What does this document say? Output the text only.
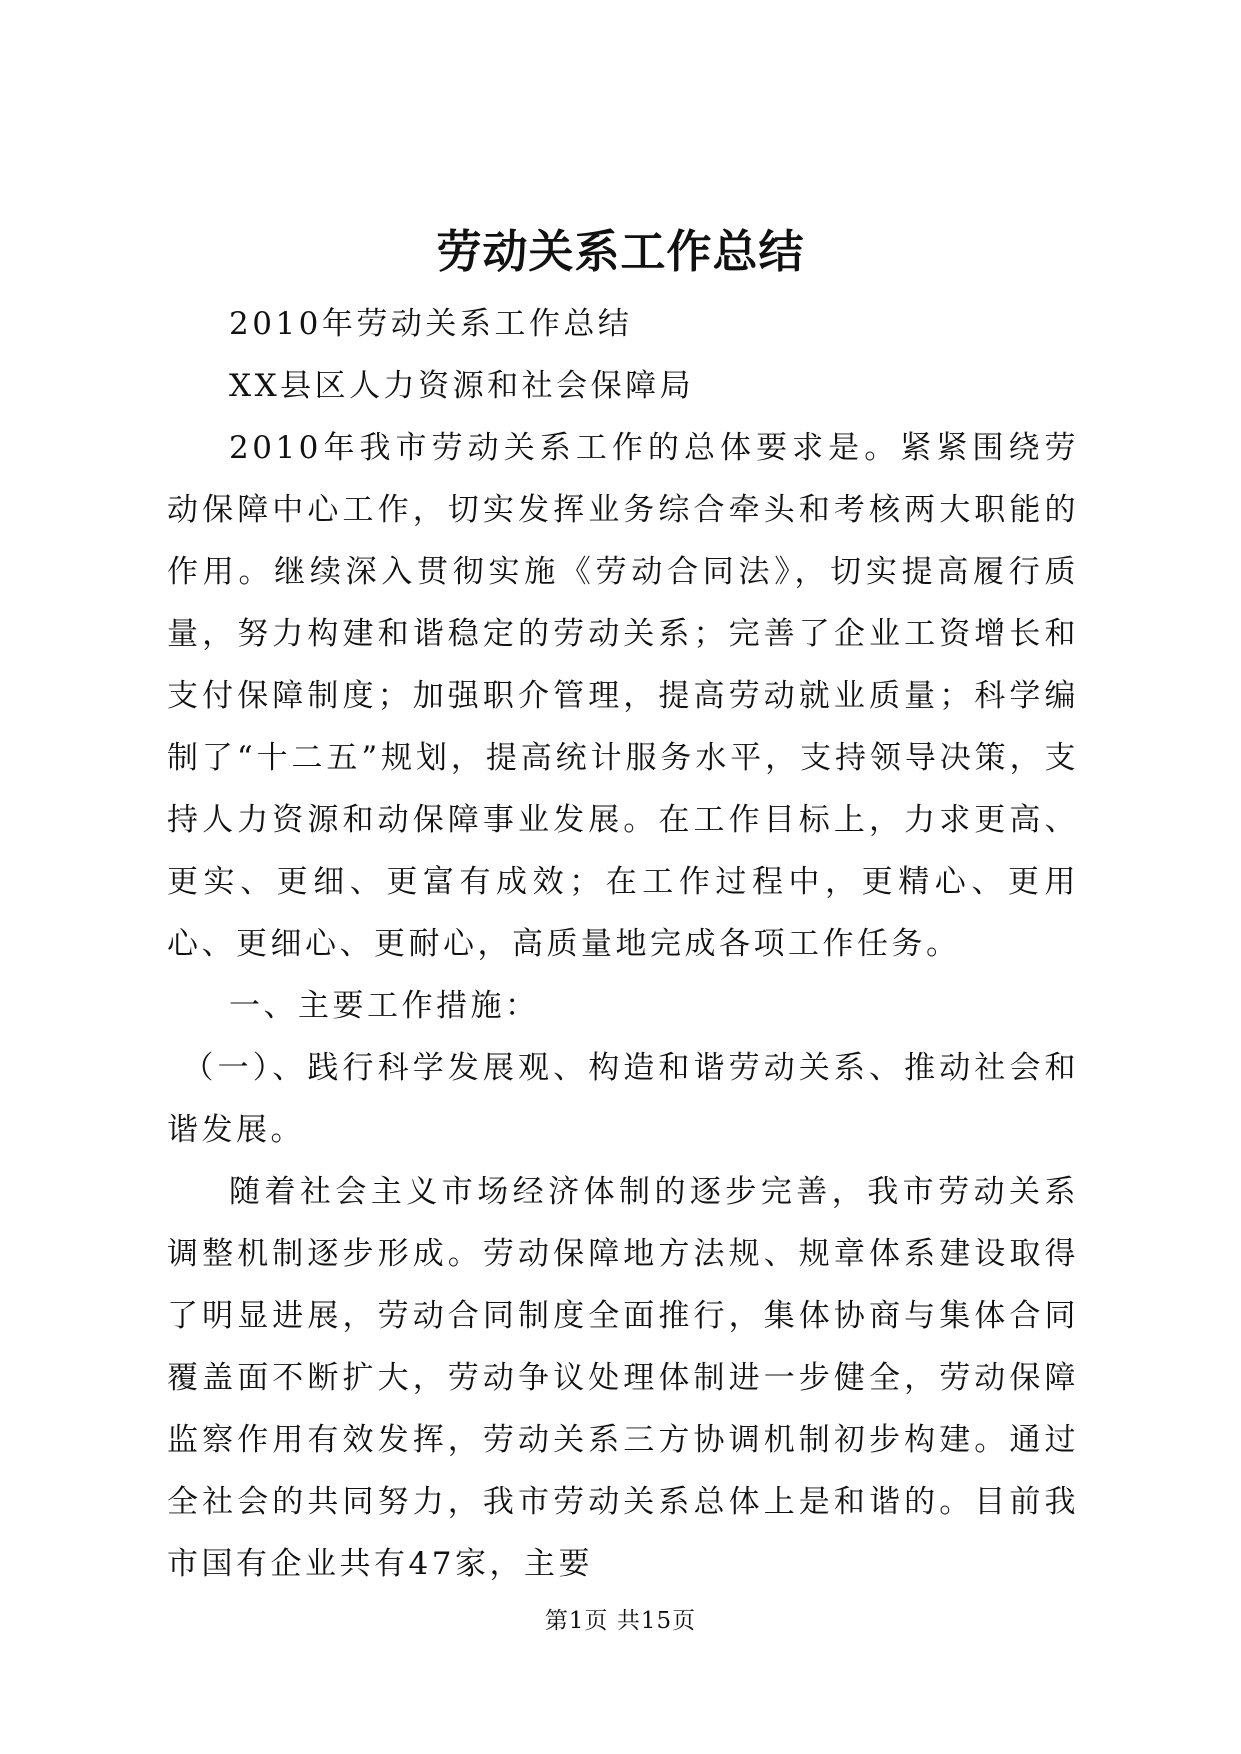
劳动关系工作总结

2010年劳动关系工作总结

XX县区人力资源和社会保障局

2010年我市劳动关系工作的总体要求是。紧紧围绕劳动保障中心工作，切实发挥业务综合牵头和考核两大职能的作用。继续深入贯彻实施《劳动合同法》，切实提高履行质量，努力构建和谐稳定的劳动关系；完善了企业工资增长和支付保障制度；加强职介管理，提高劳动就业质量；科学编制了“十二五”规划，提高统计服务水平，支持领导决策，支持人力资源和动保障事业发展。在工作目标上，力求更高、更实、更细、更富有成效；在工作过程中，更精心、更用心、更细心、更耐心，高质量地完成各项工作任务。

一、主要工作措施：

（一）、践行科学发展观、构造和谐劳动关系、推动社会和谐发展。

随着社会主义市场经济体制的逐步完善，我市劳动关系调整机制逐步形成。劳动保障地方法规、规章体系建设取得了明显进展，劳动合同制度全面推行，集体协商与集体合同覆盖面不断扩大，劳动争议处理体制进一步健全，劳动保障监察作用有效发挥，劳动关系三方协调机制初步构建。通过全社会的共同努力，我市劳动关系总体上是和谐的。目前我市国有企业共有47家，主要

第1页 共15页
